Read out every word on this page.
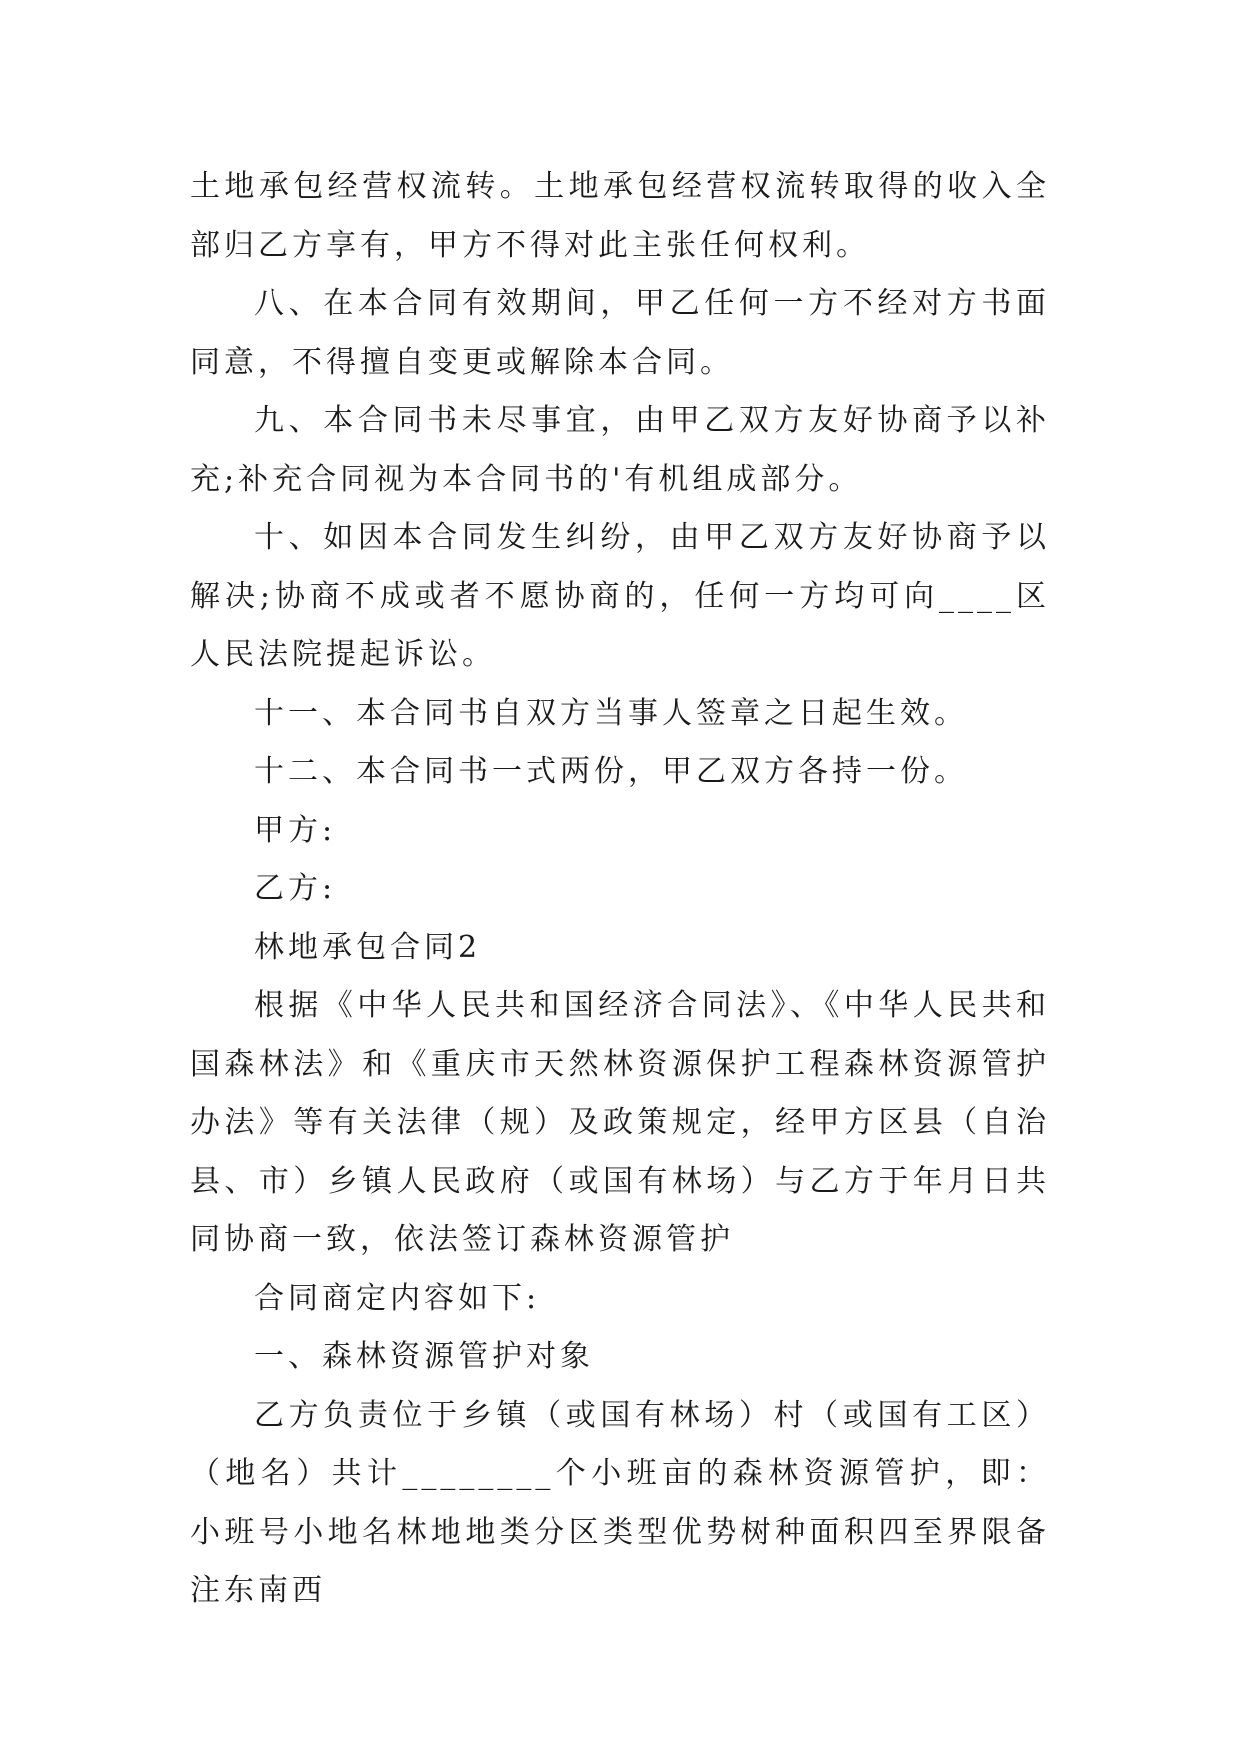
土地承包经营权流转。土地承包经营权流转取得的收入全部归乙方享有，甲方不得对此主张任何权利。

八、在本合同有效期间，甲乙任何一方不经对方书面同意，不得擅自变更或解除本合同。

九、本合同书未尽事宜，由甲乙双方友好协商予以补充;补充合同视为本合同书的'有机组成部分。

十、如因本合同发生纠纷，由甲乙双方友好协商予以解决;协商不成或者不愿协商的，任何一方均可向____区人民法院提起诉讼。

十一、本合同书自双方当事人签章之日起生效。

十二、本合同书一式两份，甲乙双方各持一份。

甲方:

乙方:

林地承包合同2

根据《中华人民共和国经济合同法》、《中华人民共和国森林法》和《重庆市天然林资源保护工程森林资源管护办法》等有关法律（规）及政策规定，经甲方区县（自治县、市）乡镇人民政府（或国有林场）与乙方于年月日共同协商一致，依法签订森林资源管护

合同商定内容如下:

一、森林资源管护对象

乙方负责位于乡镇（或国有林场）村（或国有工区）（地名）共计________个小班亩的森林资源管护，即：小班号小地名林地地类分区类型优势树种面积四至界限备注东南西
